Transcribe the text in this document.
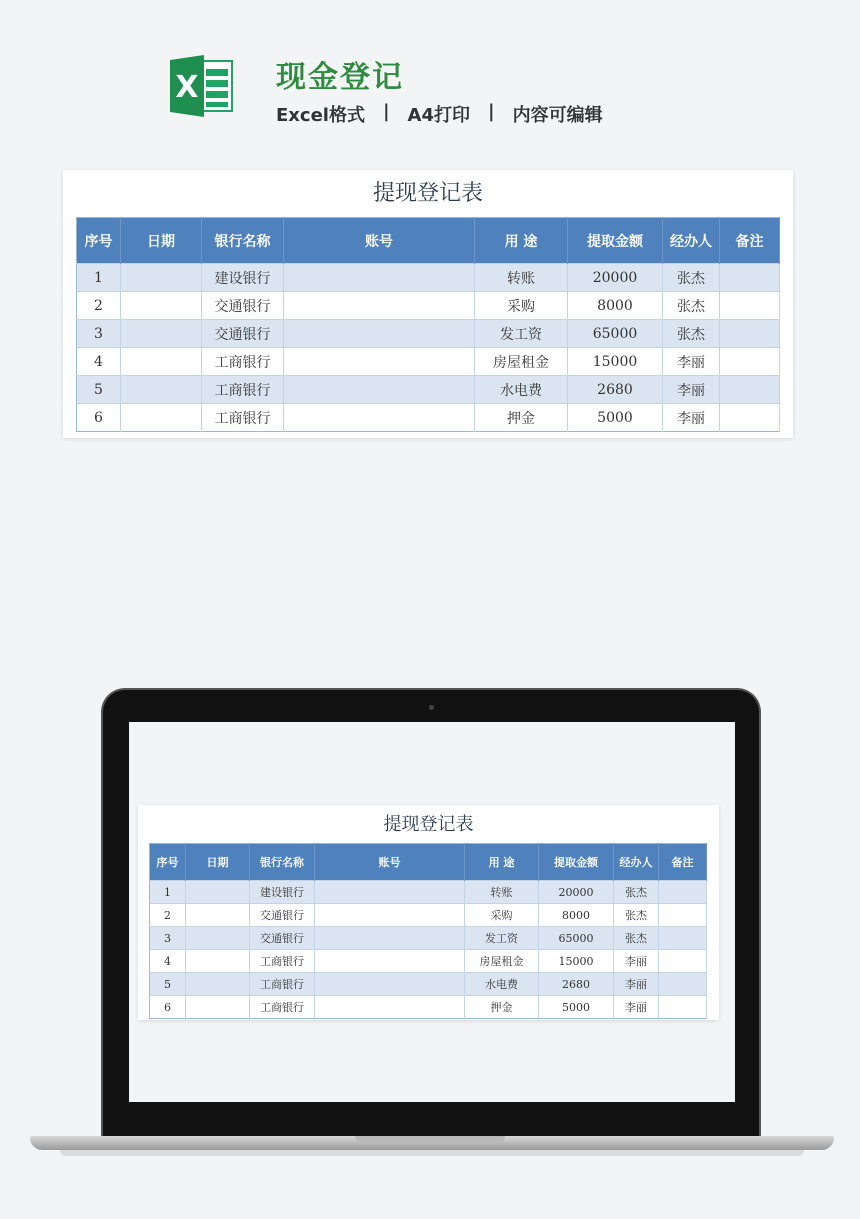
X	现金登记
Excel格式 | A4打印 | 内容可编辑
提现登记表
序号	日期	银行名称	账号	用 途	提取金额	经办人	备注
1		建设银行		转账	20000	张杰	
2		交通银行		采购	8000	张杰	
3		交通银行		发工资	65000	张杰	
4		工商银行		房屋租金	15000	李丽	
5		工商银行		水电费	2680	李丽	
6		工商银行		押金	5000	李丽	
提现登记表
序号	日期	银行名称	账号	用 途	提取金额	经办人	备注
1		建设银行		转账	20000	张杰	
2		交通银行		采购	8000	张杰	
3		交通银行		发工资	65000	张杰	
4		工商银行		房屋租金	15000	李丽	
5		工商银行		水电费	2680	李丽	
6		工商银行		押金	5000	李丽	
